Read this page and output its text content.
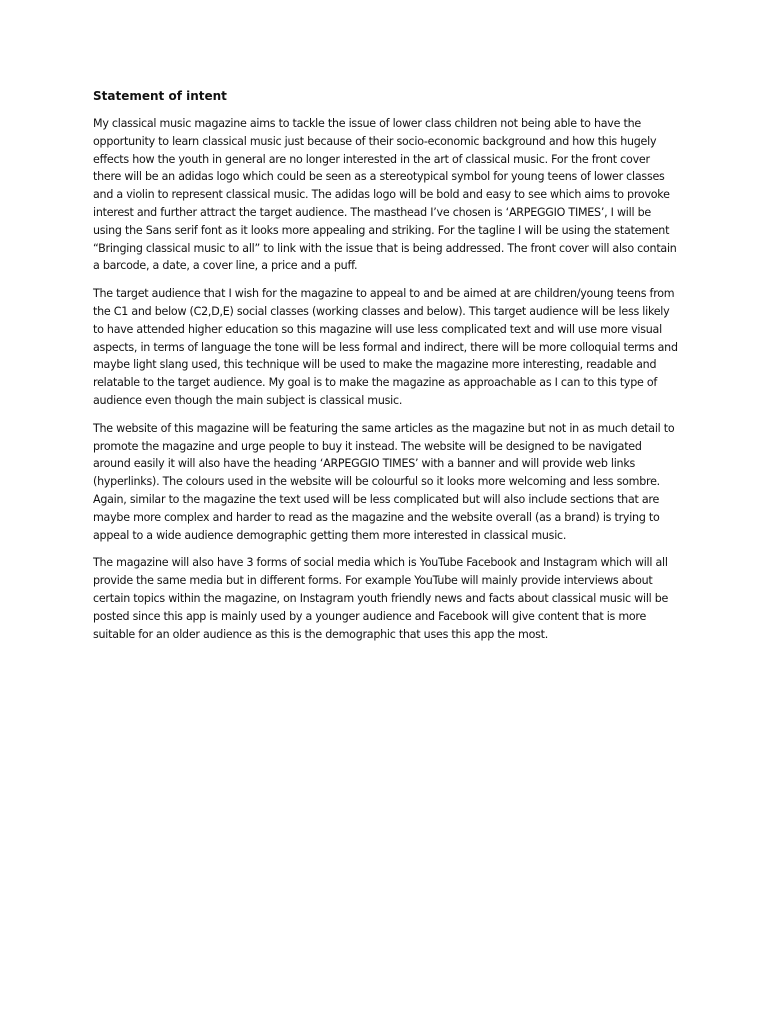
Statement of intent

My classical music magazine aims to tackle the issue of lower class children not being able to have the opportunity to learn classical music just because of their socio-economic background and how this hugely effects how the youth in general are no longer interested in the art of classical music. For the front cover there will be an adidas logo which could be seen as a stereotypical symbol for young teens of lower classes and a violin to represent classical music. The adidas logo will be bold and easy to see which aims to provoke interest and further attract the target audience. The masthead I’ve chosen is ‘ARPEGGIO TIMES’, I will be using the Sans serif font as it looks more appealing and striking. For the tagline I will be using the statement “Bringing classical music to all” to link with the issue that is being addressed. The front cover will also contain a barcode, a date, a cover line, a price and a puff.

The target audience that I wish for the magazine to appeal to and be aimed at are children/young teens from the C1 and below (C2,D,E) social classes (working classes and below). This target audience will be less likely to have attended higher education so this magazine will use less complicated text and will use more visual aspects, in terms of language the tone will be less formal and indirect, there will be more colloquial terms and maybe light slang used, this technique will be used to make the magazine more interesting, readable and relatable to the target audience. My goal is to make the magazine as approachable as I can to this type of audience even though the main subject is classical music.

The website of this magazine will be featuring the same articles as the magazine but not in as much detail to promote the magazine and urge people to buy it instead. The website will be designed to be navigated around easily it will also have the heading ‘ARPEGGIO TIMES’ with a banner and will provide web links (hyperlinks). The colours used in the website will be colourful so it looks more welcoming and less sombre. Again, similar to the magazine the text used will be less complicated but will also include sections that are maybe more complex and harder to read as the magazine and the website overall (as a brand) is trying to appeal to a wide audience demographic getting them more interested in classical music.

The magazine will also have 3 forms of social media which is YouTube Facebook and Instagram which will all provide the same media but in different forms. For example YouTube will mainly provide interviews about certain topics within the magazine, on Instagram youth friendly news and facts about classical music will be posted since this app is mainly used by a younger audience and Facebook will give content that is more suitable for an older audience as this is the demographic that uses this app the most.
